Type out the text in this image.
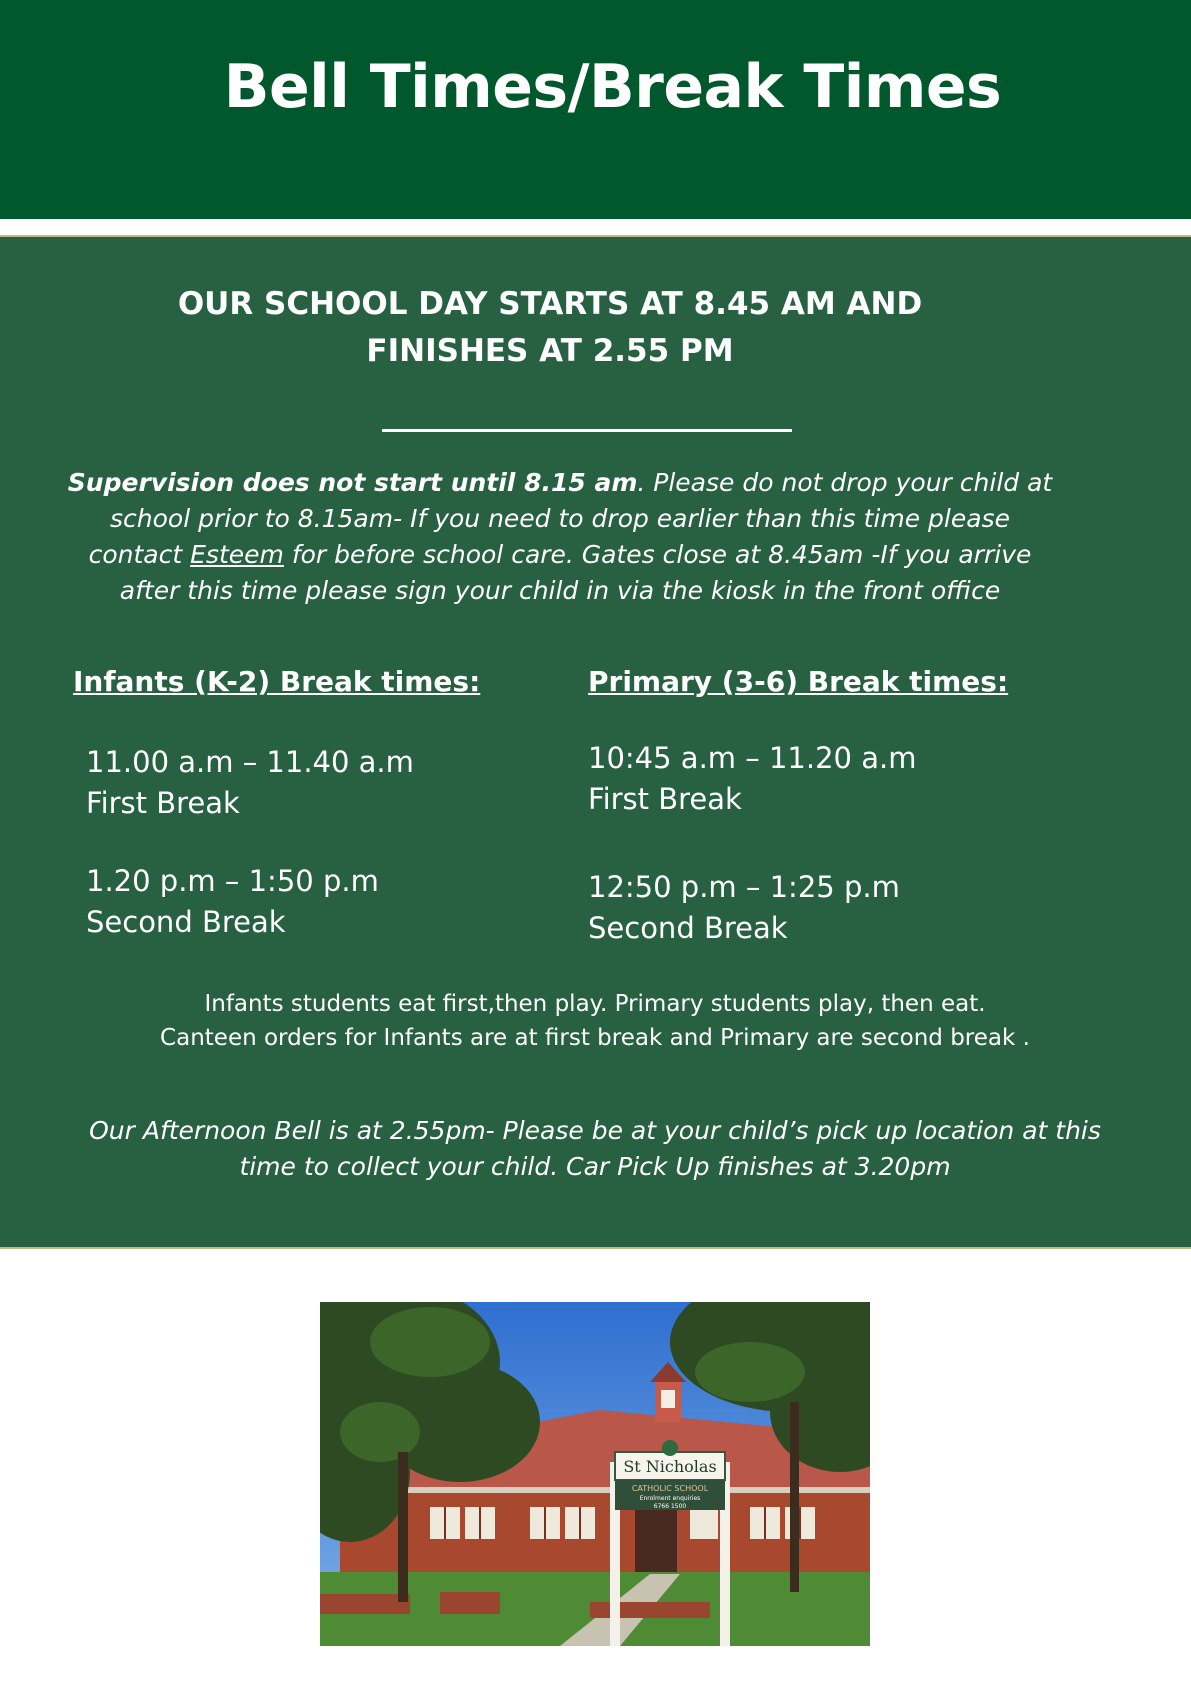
Bell Times/Break Times
OUR SCHOOL DAY STARTS AT 8.45 AM AND
FINISHES AT 2.55 PM

Supervision does not start until 8.15 am. Please do not drop your child at school prior to 8.15am- If you need to drop earlier than this time please contact Esteem for before school care. Gates close at 8.45am -If you arrive after this time please sign your child in via the kiosk in the front office

Infants (K-2) Break times:	Primary (3-6) Break times:
11.00 a.m – 11.40 a.m
First Break
1.20 p.m – 1:50 p.m
Second Break
10:45 a.m – 11.20 a.m
First Break
12:50 p.m – 1:25 p.m
Second Break
Infants students eat first,then play. Primary students play, then eat.
Canteen orders for Infants are at first break and Primary are second break .
Our Afternoon Bell is at 2.55pm- Please be at your child’s pick up location at this
time to collect your child. Car Pick Up finishes at 3.20pm
St Nicholas
CATHOLIC SCHOOL
Enrolment enquiries
6766 1500
